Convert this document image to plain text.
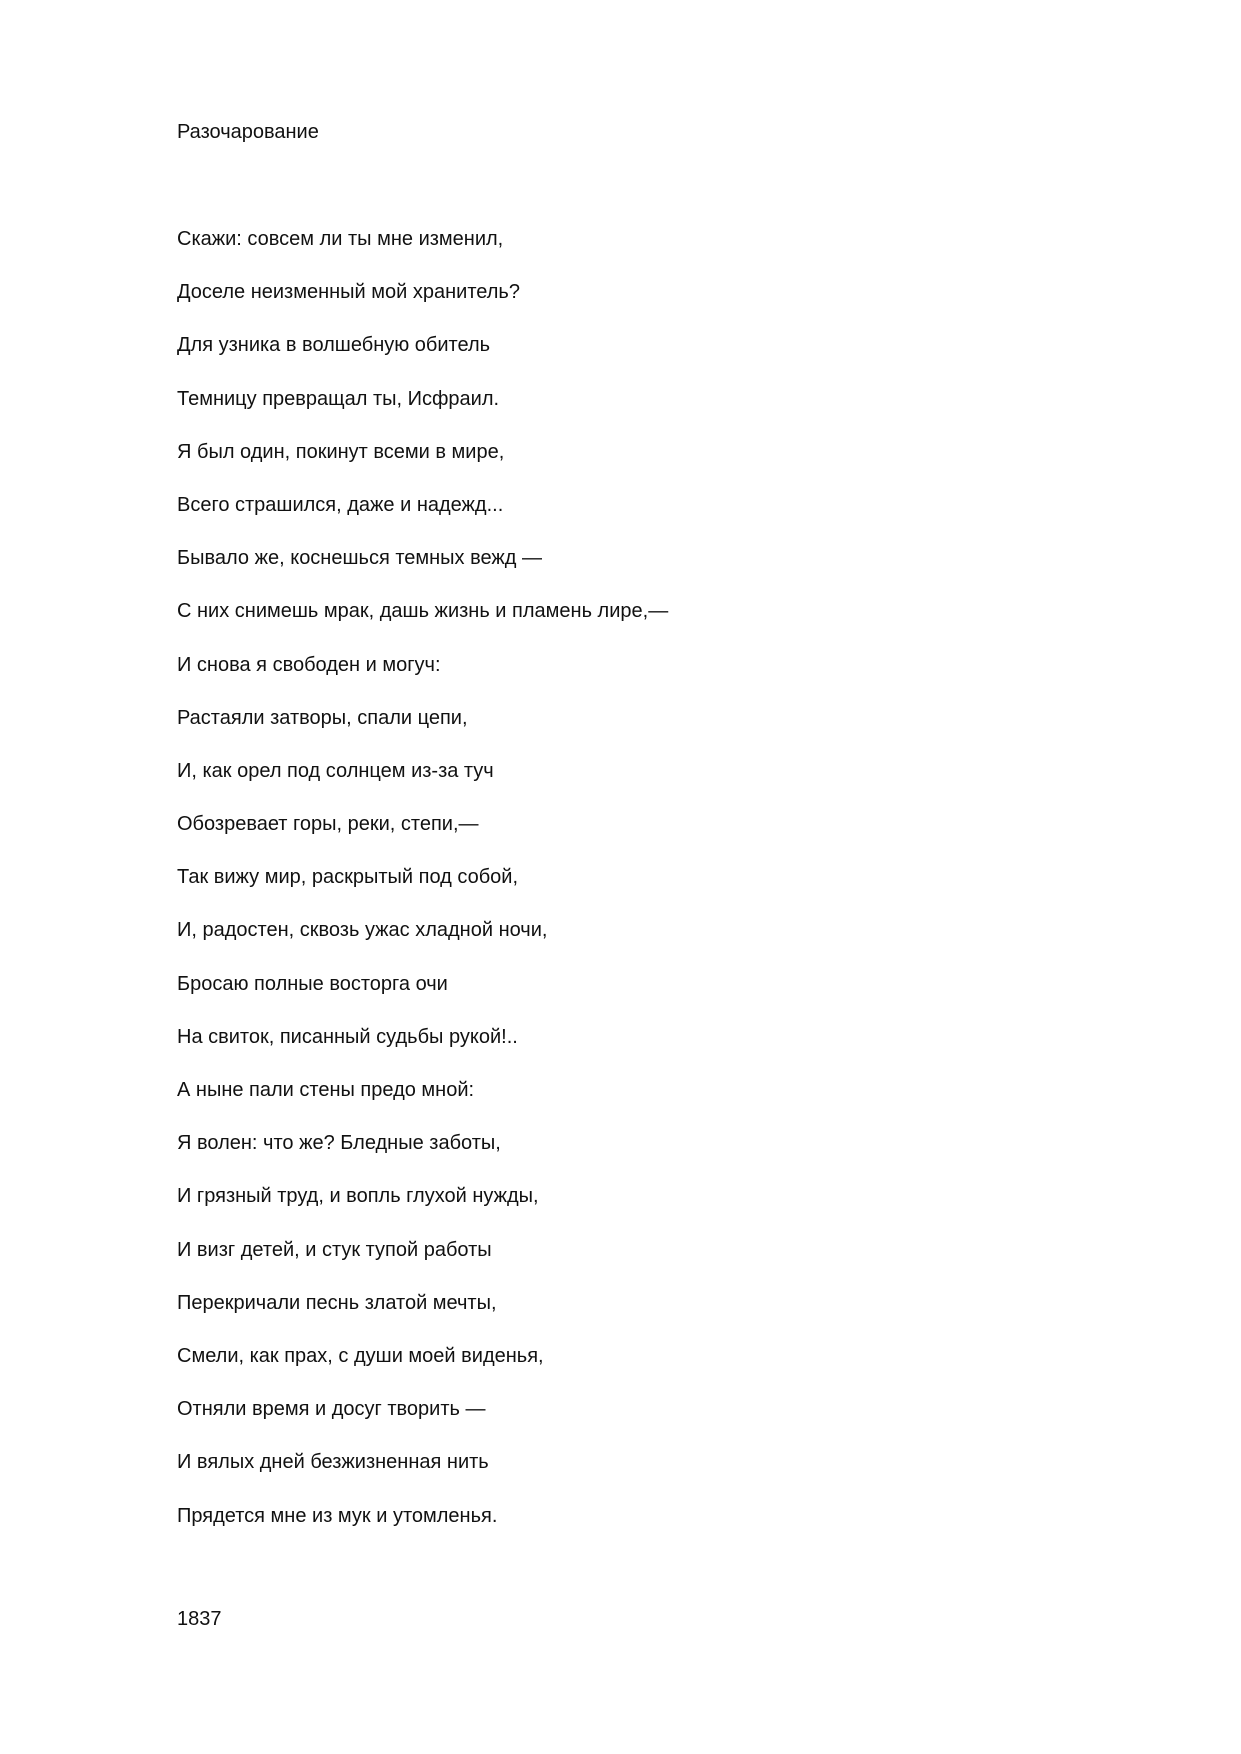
Разочарование
Скажи: совсем ли ты мне изменил,
Доселе неизменный мой хранитель?
Для узника в волшебную обитель
Темницу превращал ты, Исфраил.
Я был один, покинут всеми в мире,
Всего страшился, даже и надежд...
Бывало же, коснешься темных вежд —
С них снимешь мрак, дашь жизнь и пламень лире,—
И снова я свободен и могуч:
Растаяли затворы, спали цепи,
И, как орел под солнцем из-за туч
Обозревает горы, реки, степи,—
Так вижу мир, раскрытый под собой,
И, радостен, сквозь ужас хладной ночи,
Бросаю полные восторга очи
На свиток, писанный судьбы рукой!..
А ныне пали стены предо мной:
Я волен: что же? Бледные заботы,
И грязный труд, и вопль глухой нужды,
И визг детей, и стук тупой работы
Перекричали песнь златой мечты,
Смели, как прах, с души моей виденья,
Отняли время и досуг творить —
И вялых дней безжизненная нить
Прядется мне из мук и утомленья.
1837
